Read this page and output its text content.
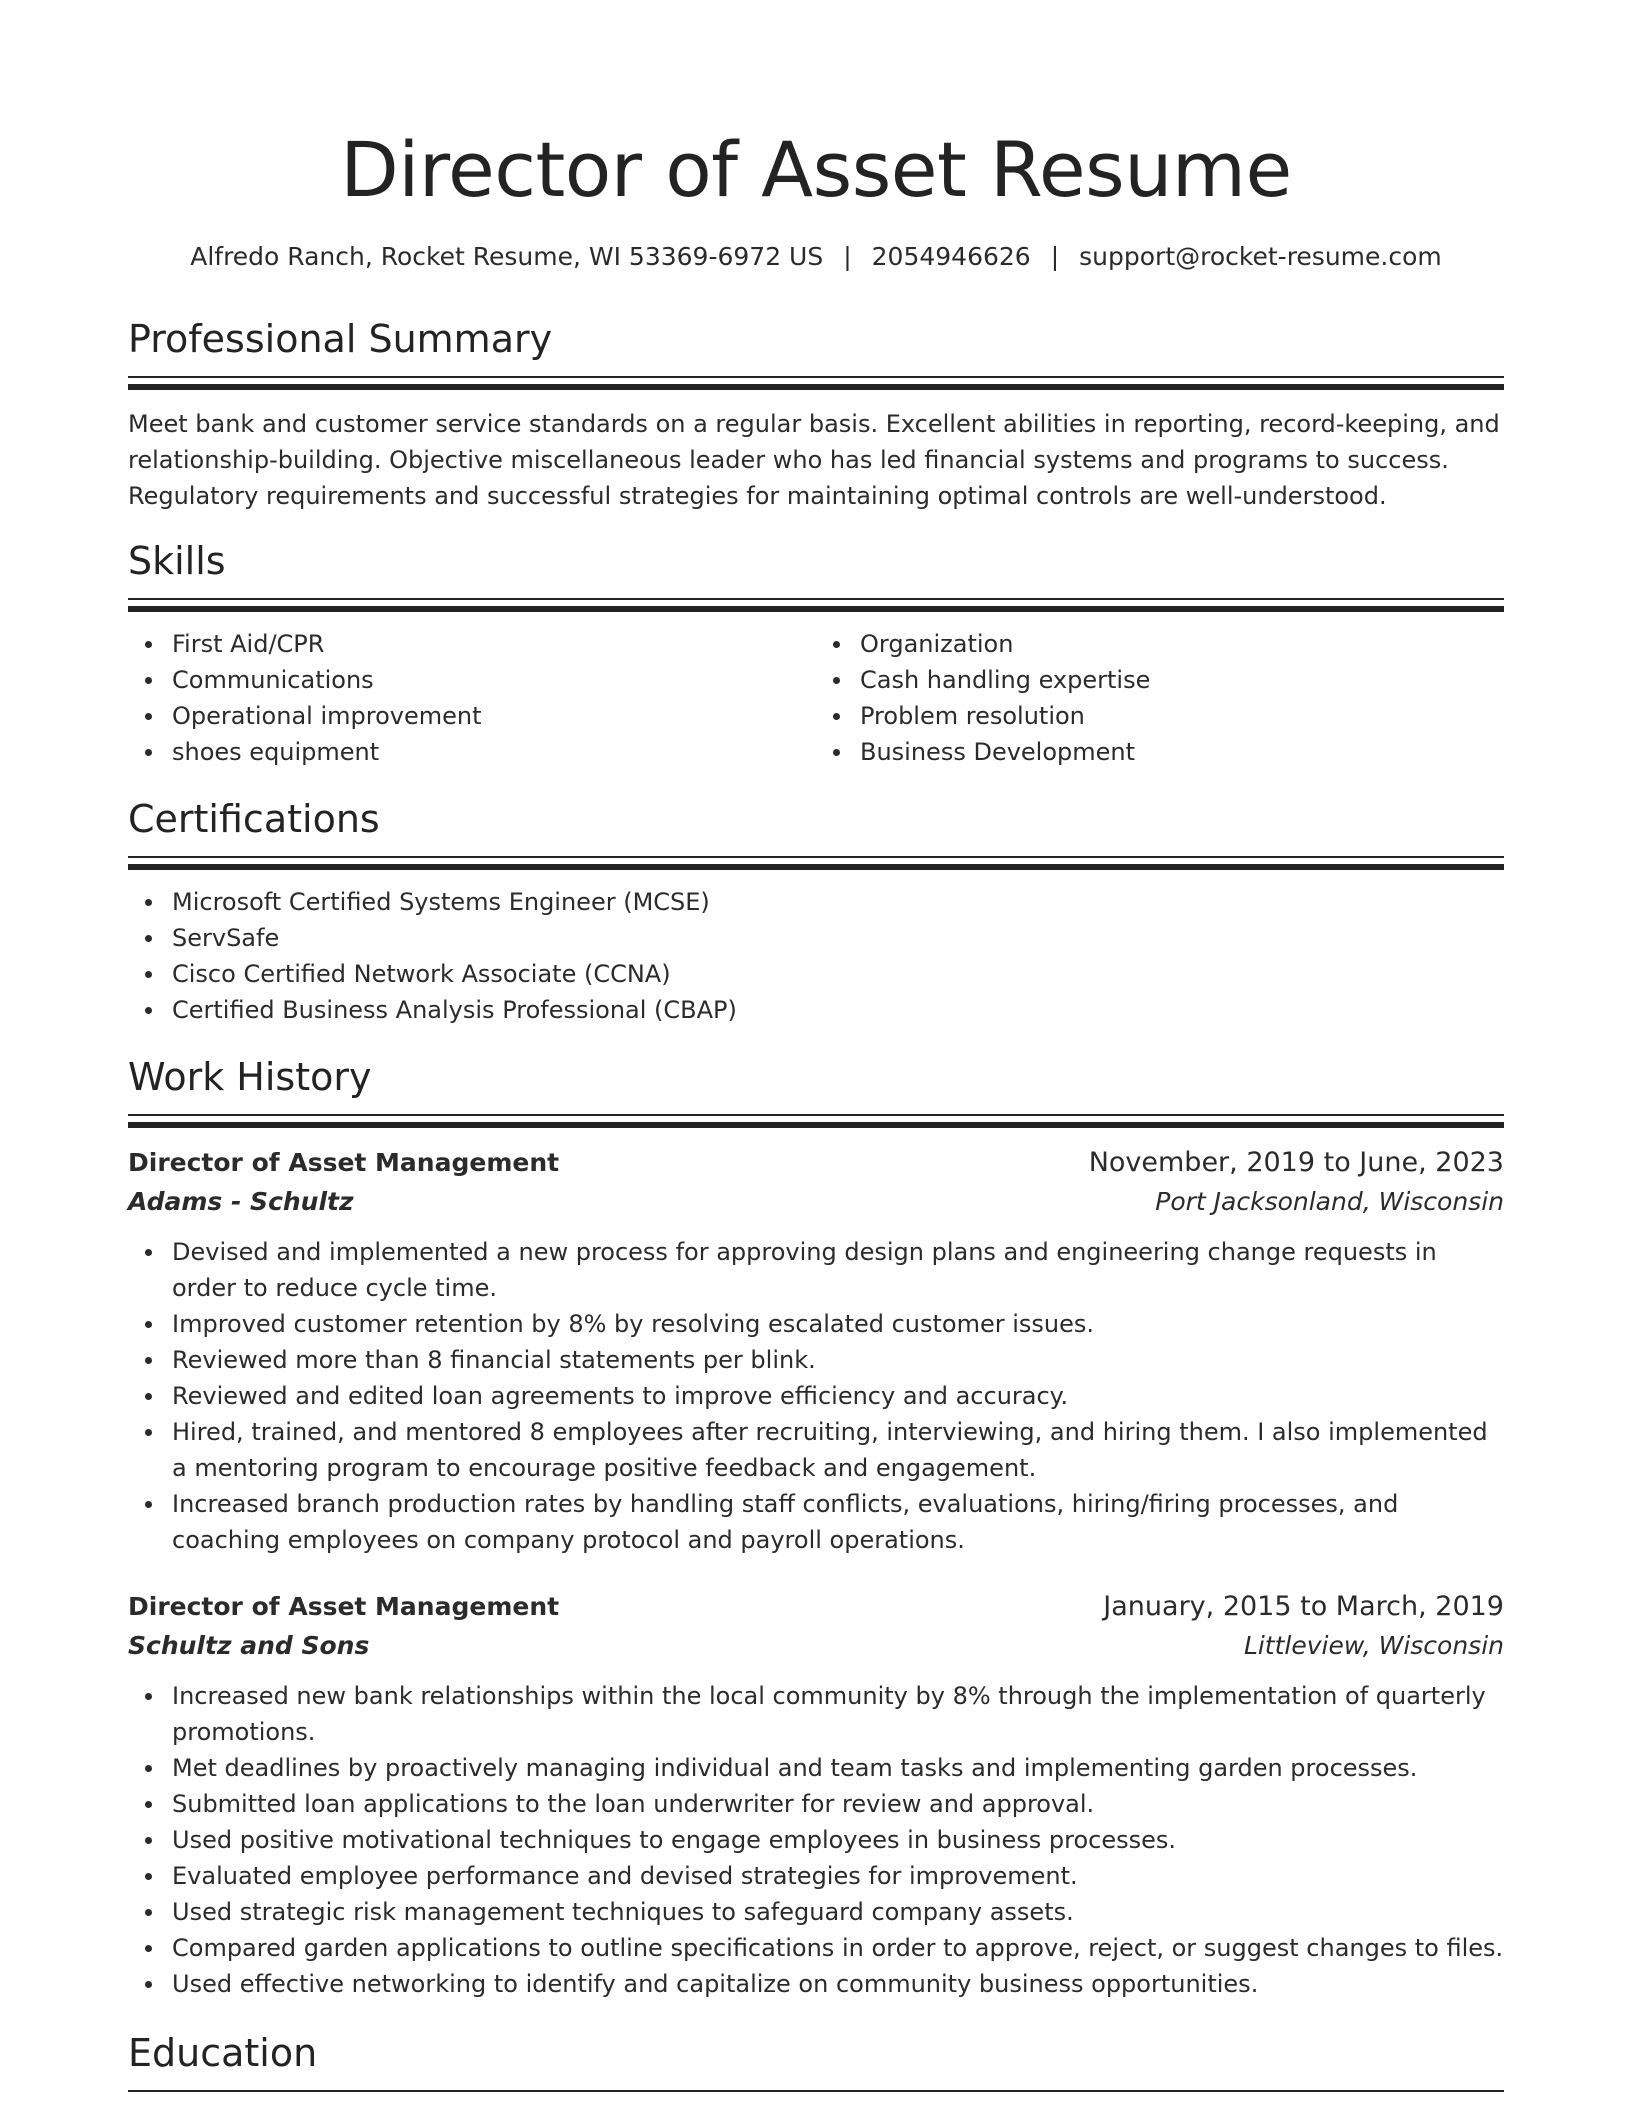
Director of Asset Resume
Alfredo Ranch, Rocket Resume, WI 53369-6972 US | 2054946626 | support@rocket-resume.com
Professional Summary

Meet bank and customer service standards on a regular basis. Excellent abilities in reporting, record-keeping, and relationship-building. Objective miscellaneous leader who has led financial systems and programs to success. Regulatory requirements and successful strategies for maintaining optimal controls are well-understood.

Skills
First Aid/CPR
Communications
Operational improvement
shoes equipment
Organization
Cash handling expertise
Problem resolution
Business Development
Certifications
Microsoft Certified Systems Engineer (MCSE)
ServSafe
Cisco Certified Network Associate (CCNA)
Certified Business Analysis Professional (CBAP)
Work History
Director of Asset Management	November, 2019 to June, 2023
Adams - Schultz	Port Jacksonland, Wisconsin
Devised and implemented a new process for approving design plans and engineering change requests in order to reduce cycle time.
Improved customer retention by 8% by resolving escalated customer issues.
Reviewed more than 8 financial statements per blink.
Reviewed and edited loan agreements to improve efficiency and accuracy.
Hired, trained, and mentored 8 employees after recruiting, interviewing, and hiring them. I also implemented a mentoring program to encourage positive feedback and engagement.
Increased branch production rates by handling staff conflicts, evaluations, hiring/firing processes, and coaching employees on company protocol and payroll operations.
Director of Asset Management	January, 2015 to March, 2019
Schultz and Sons	Littleview, Wisconsin
Increased new bank relationships within the local community by 8% through the implementation of quarterly promotions.
Met deadlines by proactively managing individual and team tasks and implementing garden processes.
Submitted loan applications to the loan underwriter for review and approval.
Used positive motivational techniques to engage employees in business processes.
Evaluated employee performance and devised strategies for improvement.
Used strategic risk management techniques to safeguard company assets.
Compared garden applications to outline specifications in order to approve, reject, or suggest changes to files.
Used effective networking to identify and capitalize on community business opportunities.
Education
